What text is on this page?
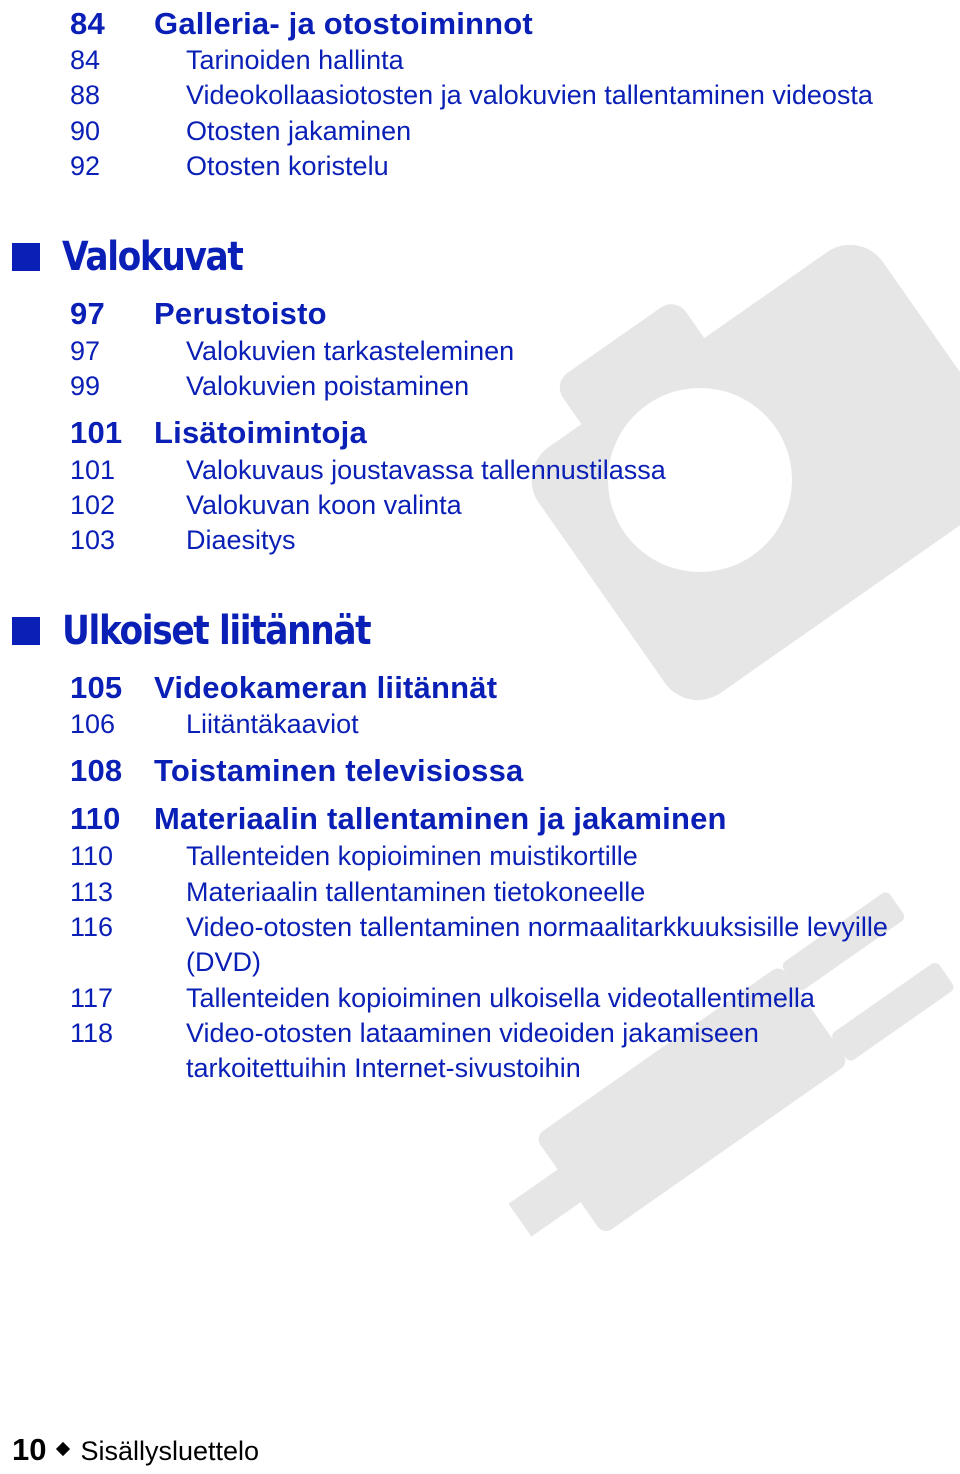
84	Galleria- ja otostoiminnot
84	Tarinoiden hallinta
88	Videokollaasiotosten ja valokuvien tallentaminen videosta
90	Otosten jakaminen
92	Otosten koristelu
Valokuvat
97	Perustoisto
97	Valokuvien tarkasteleminen
99	Valokuvien poistaminen
101	Lisätoimintoja
101	Valokuvaus joustavassa tallennustilassa
102	Valokuvan koon valinta
103	Diaesitys
Ulkoiset liitännät
105	Videokameran liitännät
106	Liitäntäkaaviot
108	Toistaminen televisiossa
110	Materiaalin tallentaminen ja jakaminen
110	Tallenteiden kopioiminen muistikortille
113	Materiaalin tallentaminen tietokoneelle
116	Video-otosten tallentaminen normaalitarkkuuksisille levyille (DVD)
117	Tallenteiden kopioiminen ulkoisella videotallentimella
118	Video-otosten lataaminen videoiden jakamiseen tarkoitettuihin Internet-sivustoihin
10 Sisällysluettelo
